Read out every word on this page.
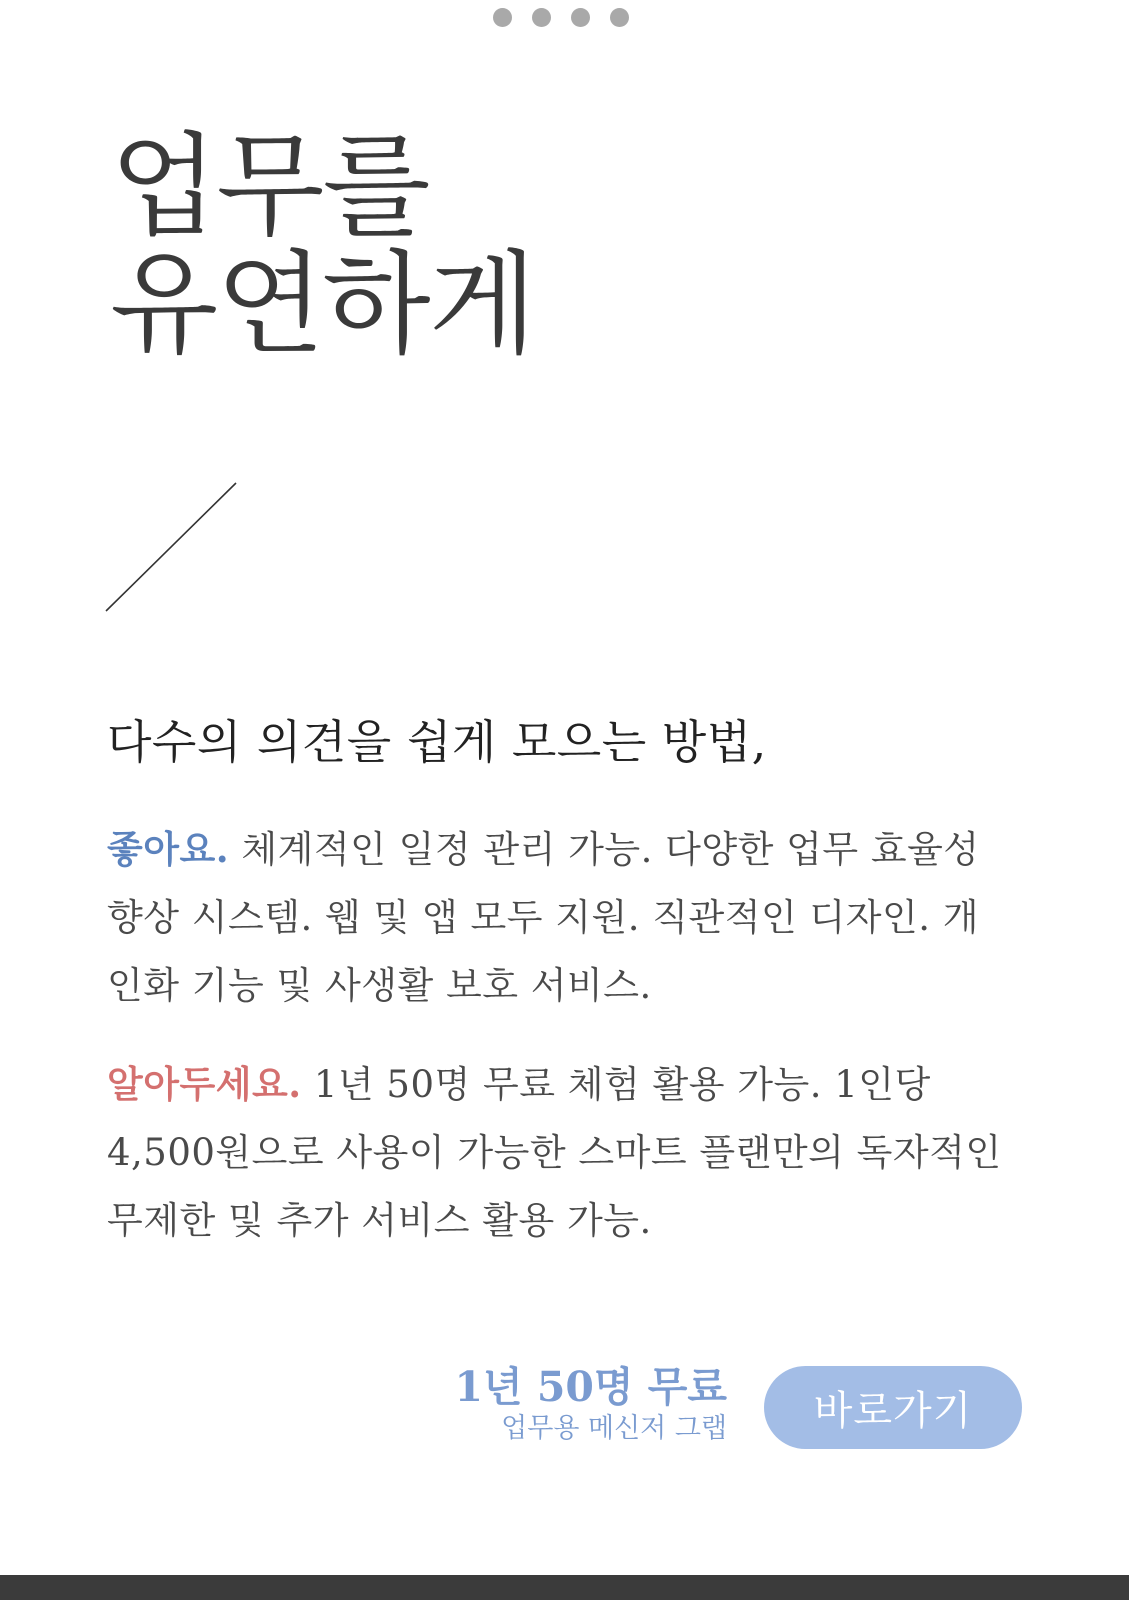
업무를
유연하게
다수의 의견을 쉽게 모으는 방법,

좋아요. 체계적인 일정 관리 가능. 다양한 업무 효율성 향상 시스템. 웹 및 앱 모두 지원. 직관적인 디자인. 개인화 기능 및 사생활 보호 서비스.

알아두세요. 1년 50명 무료 체험 활용 가능. 1인당 4,500원으로 사용이 가능한 스마트 플랜만의 독자적인 무제한 및 추가 서비스 활용 가능.

1년 50명 무료
업무용 메신저 그랩	바로가기
